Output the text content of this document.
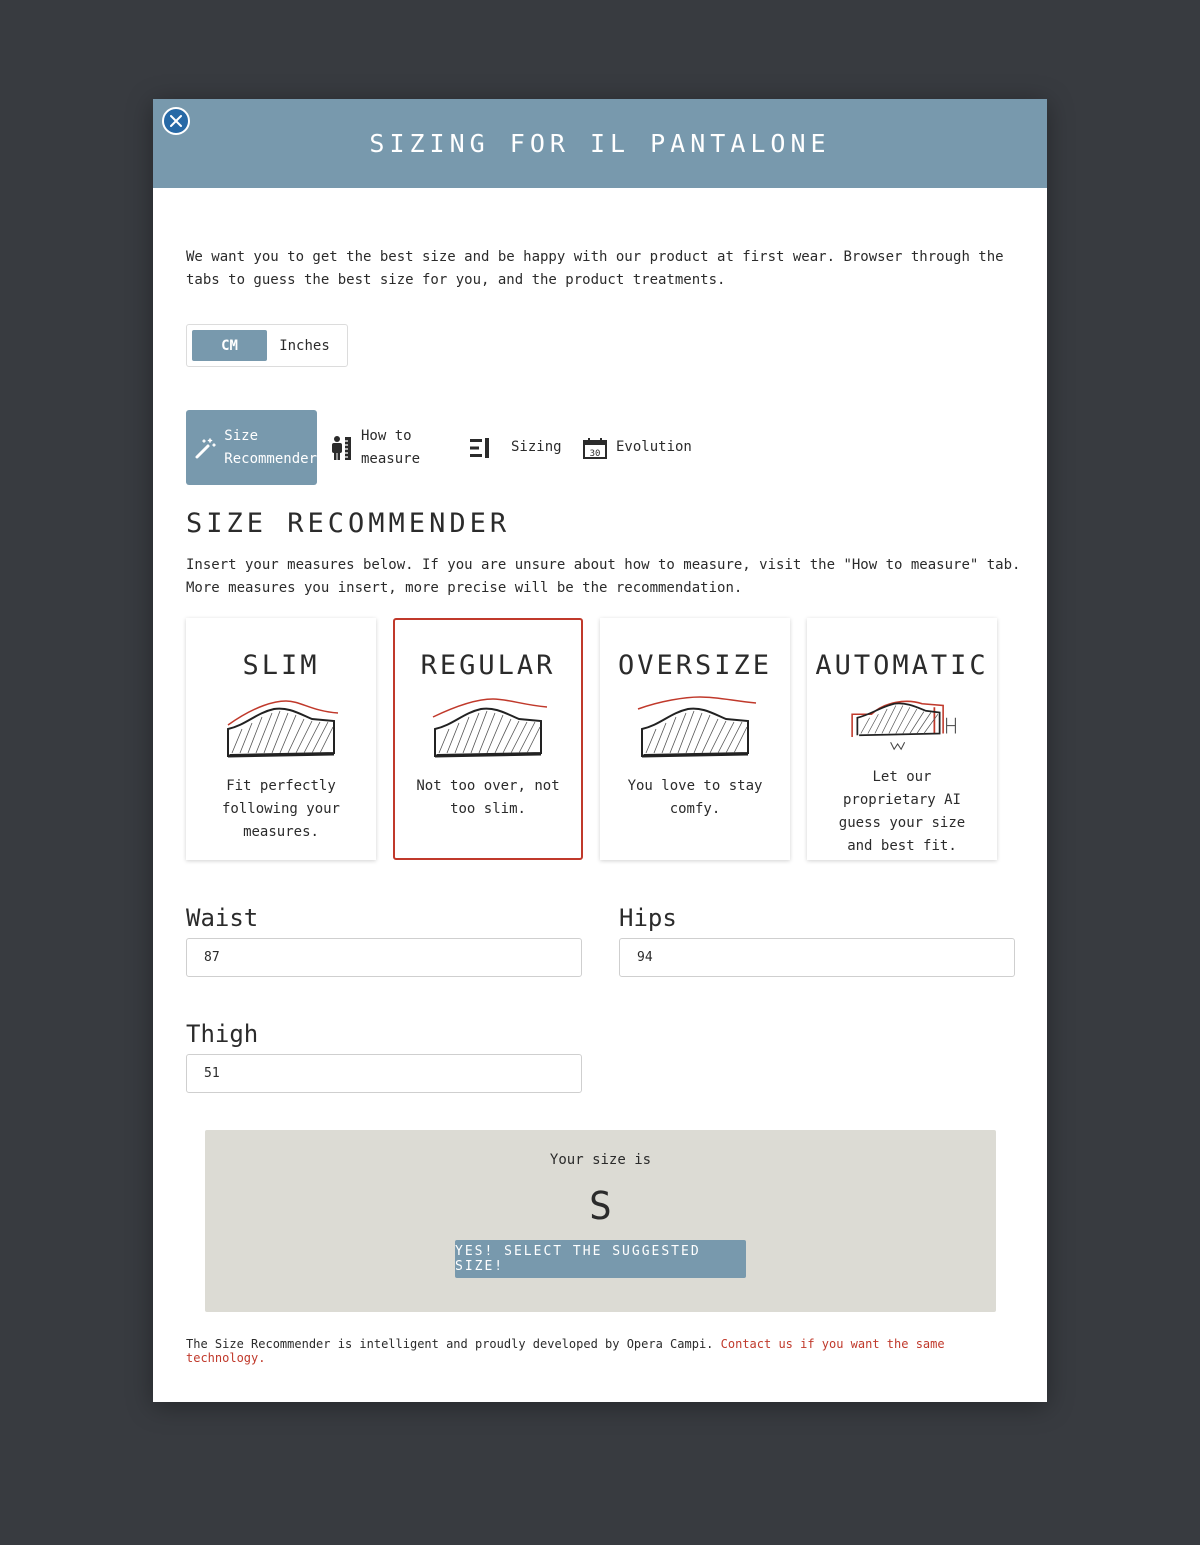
SIZING FOR IL PANTALONE

We want you to get the best size and be happy with our product at first wear. Browser through the tabs to guess the best size for you, and the product treatments.

CM	Inches
Size
Recommender
How to
measure
Sizing	30 Evolution
SIZE RECOMMENDER

Insert your measures below. If you are unsure about how to measure, visit the "How to measure" tab. More measures you insert, more precise will be the recommendation.

SLIM

Fit perfectly following your measures.

REGULAR

Not too over, not too slim.

OVERSIZE

You love to stay comfy.

AUTOMATIC

Let our proprietary AI guess your size and best fit.

Waist
87	Hips
94
Thigh
51
Your size is
S
YES! SELECT THE SUGGESTED SIZE!

The Size Recommender is intelligent and proudly developed by Opera Campi. Contact us if you want the same technology.
